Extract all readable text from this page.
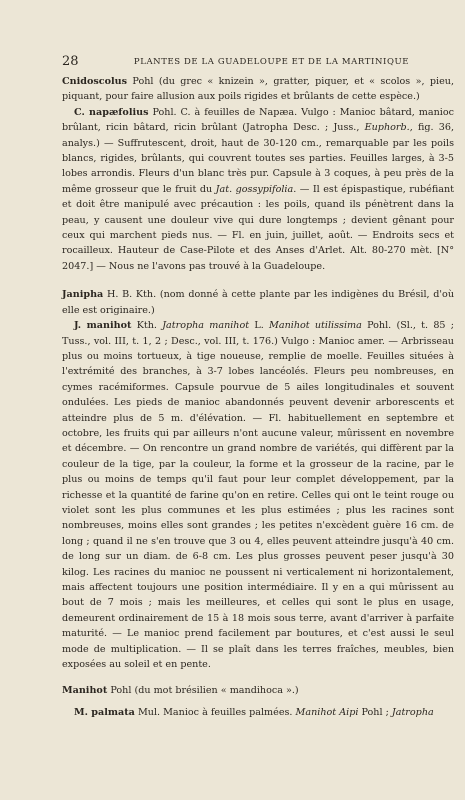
28	PLANTES DE LA GUADELOUPE ET DE LA MARTINIQUE

Cnidoscolus Pohl (du grec « knizein », gratter, piquer, et « scolos », pieu, piquant, pour faire allusion aux poils rigides et brûlants de cette espèce.)

C. napæfolius Pohl. C. à feuilles de Napæa. Vulgo : Manioc bâtard, manioc brûlant, ricin bâtard, ricin brûlant (Jatropha Desc. ; Juss., Euphorb., fig. 36, analys.) — Suffrutescent, droit, haut de 30-120 cm., remarquable par les poils blancs, rigides, brûlants, qui couvrent toutes ses parties. Feuilles larges, à 3-5 lobes arrondis. Fleurs d'un blanc très pur. Capsule à 3 coques, à peu près de la même grosseur que le fruit du Jat. gossypifolia. — Il est épispastique, rubéfiant et doit être manipulé avec précaution : les poils, quand ils pénètrent dans la peau, y causent une douleur vive qui dure longtemps ; devient gênant pour ceux qui marchent pieds nus. — Fl. en juin, juillet, août. — Endroits secs et rocailleux. Hauteur de Case-Pilote et des Anses d'Arlet. Alt. 80-270 mèt. [N° 2047.] — Nous ne l'avons pas trouvé à la Guadeloupe.

Janipha H. B. Kth. (nom donné à cette plante par les indigènes du Brésil, d'où elle est originaire.)

J. manihot Kth. Jatropha manihot L. Manihot utilissima Pohl. (Sl., t. 85 ; Tuss., vol. III, t. 1, 2 ; Desc., vol. III, t. 176.) Vulgo : Manioc amer. — Arbrisseau plus ou moins tortueux, à tige noueuse, remplie de moelle. Feuilles situées à l'extrémité des branches, à 3-7 lobes lancéolés. Fleurs peu nombreuses, en cymes racémiformes. Capsule pourvue de 5 ailes longitudinales et souvent ondulées. Les pieds de manioc abandonnés peuvent devenir arborescents et atteindre plus de 5 m. d'élévation. — Fl. habituellement en septembre et octobre, les fruits qui par ailleurs n'ont aucune valeur, mûrissent en novembre et décembre. — On rencontre un grand nombre de variétés, qui diffèrent par la couleur de la tige, par la couleur, la forme et la grosseur de la racine, par le plus ou moins de temps qu'il faut pour leur complet développement, par la richesse et la quantité de farine qu'on en retire. Celles qui ont le teint rouge ou violet sont les plus communes et les plus estimées ; plus les racines sont nombreuses, moins elles sont grandes ; les petites n'excèdent guère 16 cm. de long ; quand il ne s'en trouve que 3 ou 4, elles peuvent atteindre jusqu'à 40 cm. de long sur un diam. de 6-8 cm. Les plus grosses peuvent peser jusqu'à 30 kilog. Les racines du manioc ne poussent ni verticalement ni horizontalement, mais affectent toujours une position intermédiaire. Il y en a qui mûrissent au bout de 7 mois ; mais les meilleures, et celles qui sont le plus en usage, demeurent ordinairement de 15 à 18 mois sous terre, avant d'arriver à parfaite maturité. — Le manioc prend facilement par boutures, et c'est aussi le seul mode de multiplication. — Il se plaît dans les terres fraîches, meubles, bien exposées au soleil et en pente.

Manihot Pohl (du mot brésilien « mandihoca ».)

M. palmata Mul. Manioc à feuilles palmées. Manihot Aipi Pohl ; Jatropha
